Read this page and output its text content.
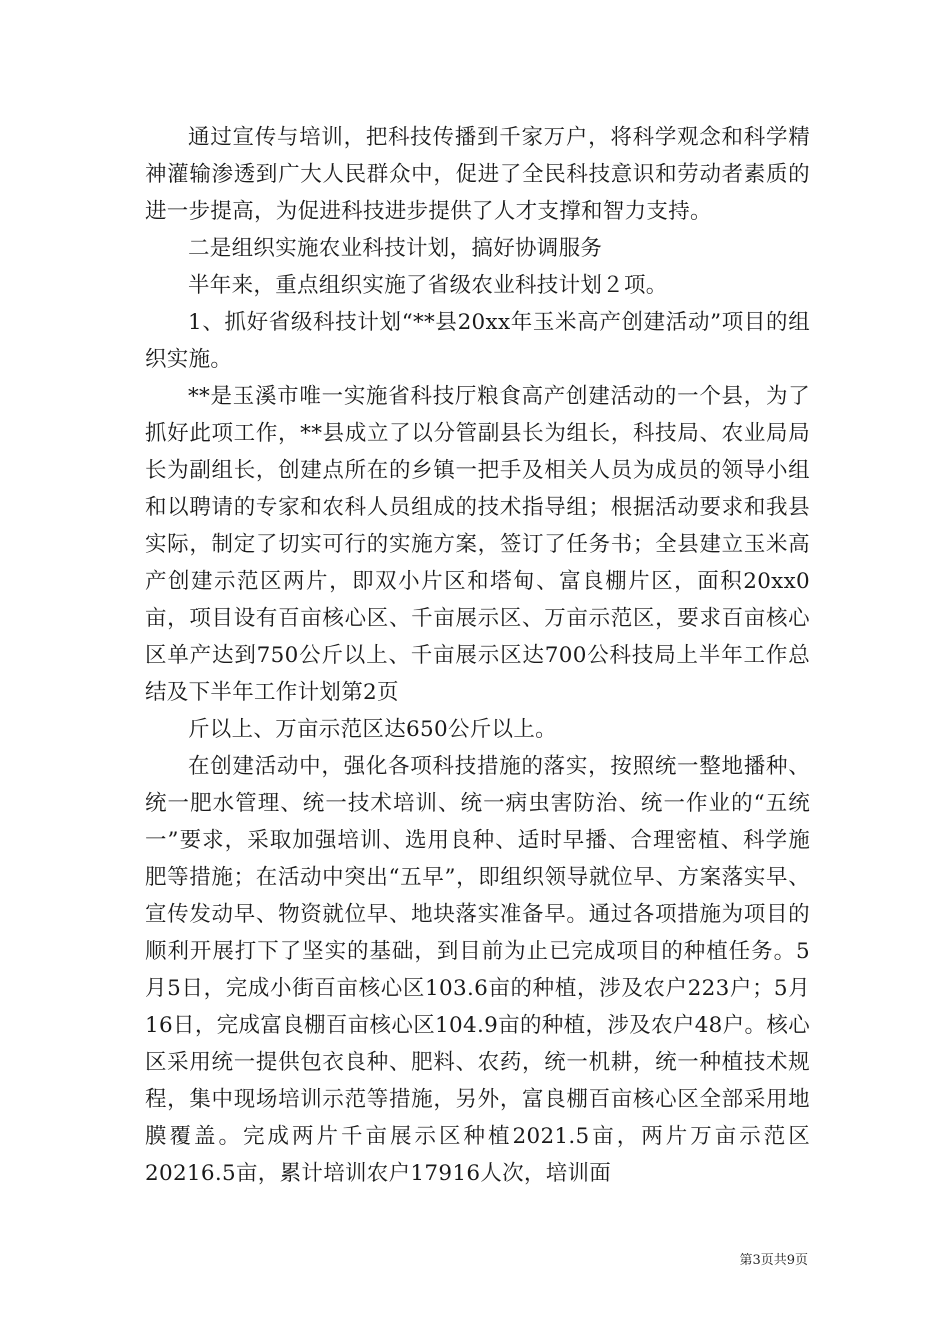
通过宣传与培训，把科技传播到千家万户，将科学观念和科学精神灌输渗透到广大人民群众中，促进了全民科技意识和劳动者素质的进一步提高，为促进科技进步提供了人才支撑和智力支持。

二是组织实施农业科技计划，搞好协调服务

半年来，重点组织实施了省级农业科技计划２项。

1、抓好省级科技计划“**县20xx年玉米高产创建活动”项目的组织实施。

**是玉溪市唯一实施省科技厅粮食高产创建活动的一个县，为了抓好此项工作，**县成立了以分管副县长为组长，科技局、农业局局长为副组长，创建点所在的乡镇一把手及相关人员为成员的领导小组和以聘请的专家和农科人员组成的技术指导组；根据活动要求和我县实际，制定了切实可行的实施方案，签订了任务书；全县建立玉米高产创建示范区两片，即双小片区和塔甸、富良棚片区，面积20xx0亩，项目设有百亩核心区、千亩展示区、万亩示范区，要求百亩核心区单产达到750公斤以上、千亩展示区达700公科技局上半年工作总结及下半年工作计划第2页

斤以上、万亩示范区达650公斤以上。

在创建活动中，强化各项科技措施的落实，按照统一整地播种、统一肥水管理、统一技术培训、统一病虫害防治、统一作业的“五统一”要求，采取加强培训、选用良种、适时早播、合理密植、科学施肥等措施；在活动中突出“五早”，即组织领导就位早、方案落实早、宣传发动早、物资就位早、地块落实准备早。通过各项措施为项目的顺利开展打下了坚实的基础，到目前为止已完成项目的种植任务。5月5日，完成小街百亩核心区103.6亩的种植，涉及农户223户；5月16日，完成富良棚百亩核心区104.9亩的种植，涉及农户48户。核心区采用统一提供包衣良种、肥料、农药，统一机耕，统一种植技术规程，集中现场培训示范等措施，另外，富良棚百亩核心区全部采用地膜覆盖。完成两片千亩展示区种植2021.5亩，两片万亩示范区20216.5亩，累计培训农户17916人次，培训面

第3页共9页
